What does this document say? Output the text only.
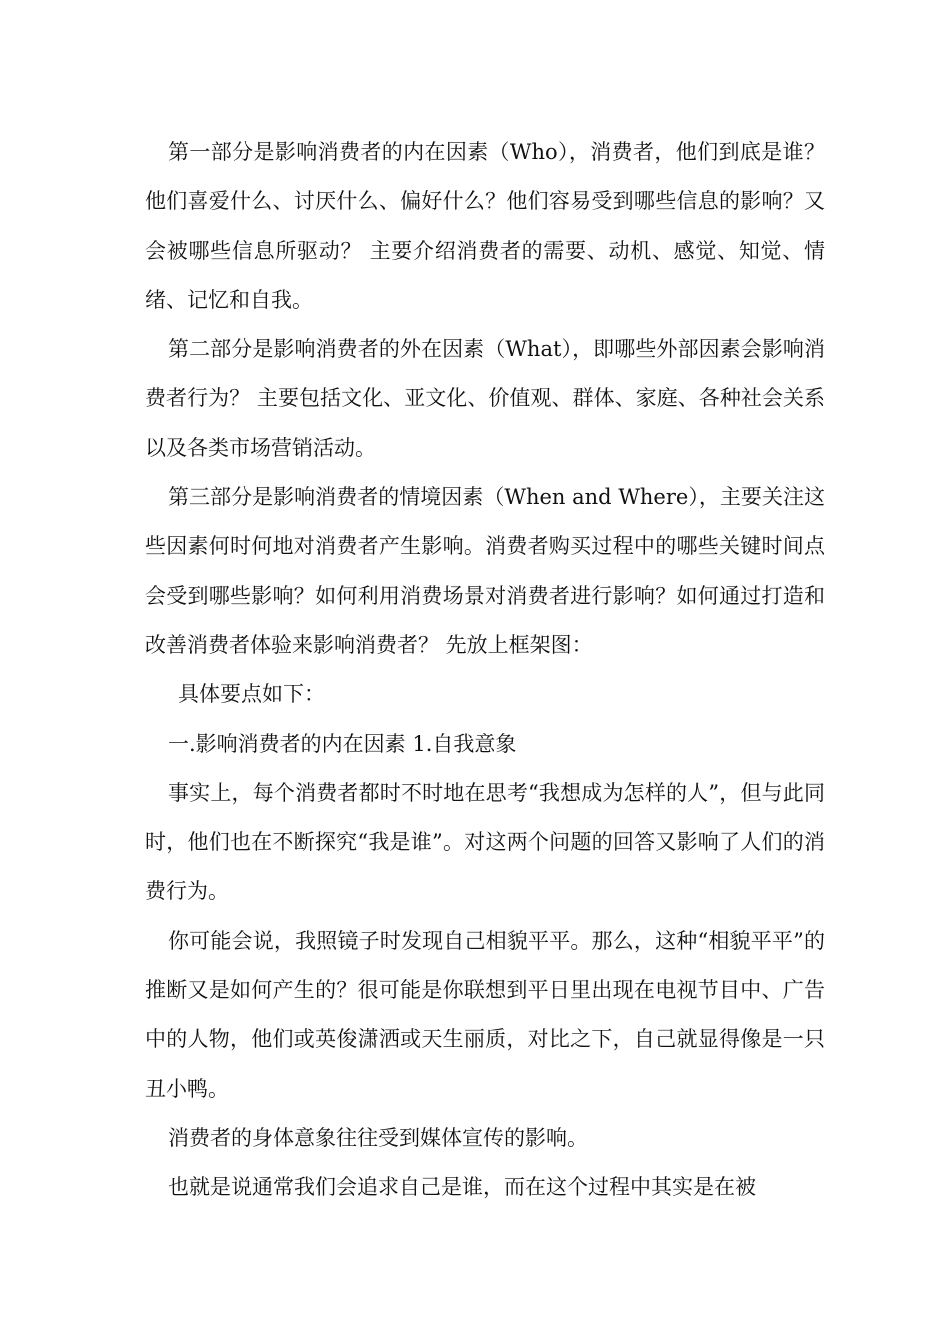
第一部分是影响消费者的内在因素（Who），消费者，他们到底是谁？他们喜爱什么、讨厌什么、偏好什么？他们容易受到哪些信息的影响？又会被哪些信息所驱动？ 主要介绍消费者的需要、动机、感觉、知觉、情绪、记忆和自我。

第二部分是影响消费者的外在因素（What），即哪些外部因素会影响消费者行为？ 主要包括文化、亚文化、价值观、群体、家庭、各种社会关系以及各类市场营销活动。

第三部分是影响消费者的情境因素（When and Where），主要关注这些因素何时何地对消费者产生影响。消费者购买过程中的哪些关键时间点会受到哪些影响？如何利用消费场景对消费者进行影响？如何通过打造和改善消费者体验来影响消费者？ 先放上框架图：

具体要点如下：

一.影响消费者的内在因素 1.自我意象

事实上，每个消费者都时不时地在思考“我想成为怎样的人”，但与此同时，他们也在不断探究“我是谁”。对这两个问题的回答又影响了人们的消费行为。

你可能会说，我照镜子时发现自己相貌平平。那么，这种“相貌平平”的推断又是如何产生的？很可能是你联想到平日里出现在电视节目中、广告中的人物，他们或英俊潇洒或天生丽质，对比之下，自己就显得像是一只丑小鸭。

消费者的身体意象往往受到媒体宣传的影响。

也就是说通常我们会追求自己是谁，而在这个过程中其实是在被
